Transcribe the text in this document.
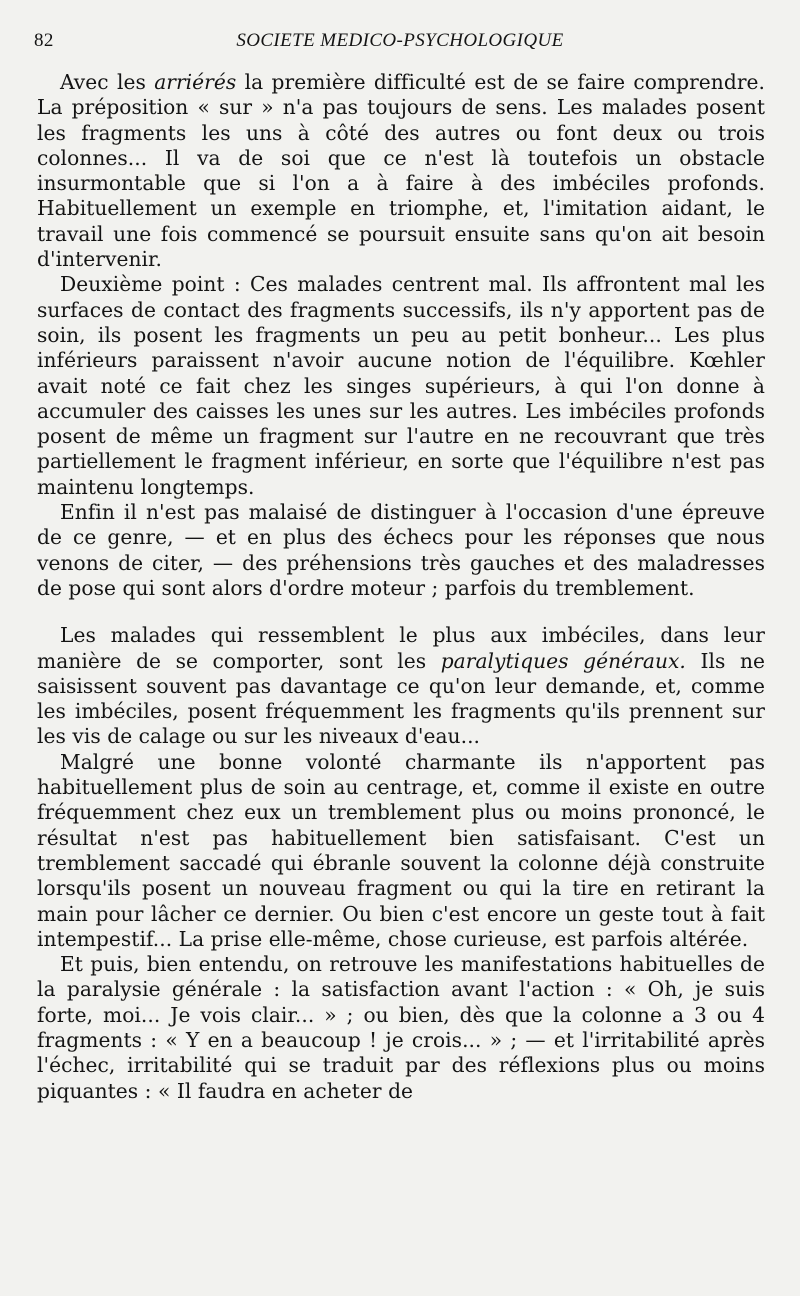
82	SOCIETE MEDICO-PSYCHOLOGIQUE

Avec les arriérés la première difficulté est de se faire comprendre. La préposition « sur » n'a pas toujours de sens. Les malades posent les fragments les uns à côté des autres ou font deux ou trois colonnes... Il va de soi que ce n'est là toutefois un obstacle insurmontable que si l'on a à faire à des imbéciles profonds. Habituellement un exemple en triomphe, et, l'imitation aidant, le travail une fois commencé se poursuit ensuite sans qu'on ait besoin d'intervenir.

Deuxième point : Ces malades centrent mal. Ils affrontent mal les surfaces de contact des fragments successifs, ils n'y apportent pas de soin, ils posent les fragments un peu au petit bonheur... Les plus inférieurs paraissent n'avoir aucune notion de l'équilibre. Kœhler avait noté ce fait chez les singes supérieurs, à qui l'on donne à accumuler des caisses les unes sur les autres. Les imbéciles profonds posent de même un fragment sur l'autre en ne recouvrant que très partiellement le fragment inférieur, en sorte que l'équilibre n'est pas maintenu longtemps.

Enfin il n'est pas malaisé de distinguer à l'occasion d'une épreuve de ce genre, — et en plus des échecs pour les réponses que nous venons de citer, — des préhensions très gauches et des maladresses de pose qui sont alors d'ordre moteur ; parfois du tremblement.

Les malades qui ressemblent le plus aux imbéciles, dans leur manière de se comporter, sont les paralytiques généraux. Ils ne saisissent souvent pas davantage ce qu'on leur demande, et, comme les imbéciles, posent fréquemment les fragments qu'ils prennent sur les vis de calage ou sur les niveaux d'eau...

Malgré une bonne volonté charmante ils n'apportent pas habituellement plus de soin au centrage, et, comme il existe en outre fréquemment chez eux un tremblement plus ou moins prononcé, le résultat n'est pas habituellement bien satisfaisant. C'est un tremblement saccadé qui ébranle souvent la colonne déjà construite lorsqu'ils posent un nouveau fragment ou qui la tire en retirant la main pour lâcher ce dernier. Ou bien c'est encore un geste tout à fait intempestif... La prise elle-même, chose curieuse, est parfois altérée.

Et puis, bien entendu, on retrouve les manifestations habituelles de la paralysie générale : la satisfaction avant l'action : « Oh, je suis forte, moi... Je vois clair... » ; ou bien, dès que la colonne a 3 ou 4 fragments : « Y en a beaucoup ! je crois... » ; — et l'irritabilité après l'échec, irritabilité qui se traduit par des réflexions plus ou moins piquantes : « Il faudra en acheter de
